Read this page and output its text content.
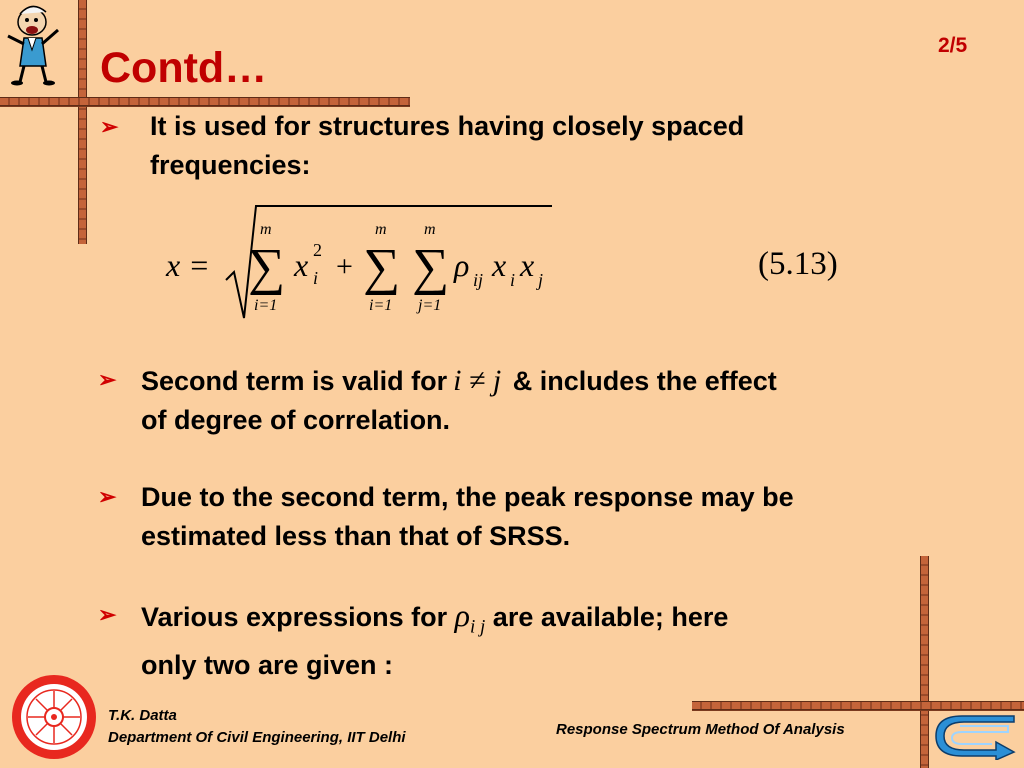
Contd…	2/5
➢ It is used for structures having closely spaced
frequencies:
x =
m
∑
i=1
x 2
i +
m
∑
i=1
m
∑
j=1
ρ ij x i x j	(5.13)
➢ Second term is valid for i ≠ j & includes the effect
of degree of correlation.
➢ Due to the second term, the peak response may be
estimated less than that of SRSS.
➢ Various expressions for $\rho_{i j}$ are available; here
only two are given :
T.K. Datta
Department Of Civil Engineering, IIT Delhi	Response Spectrum Method Of Analysis
